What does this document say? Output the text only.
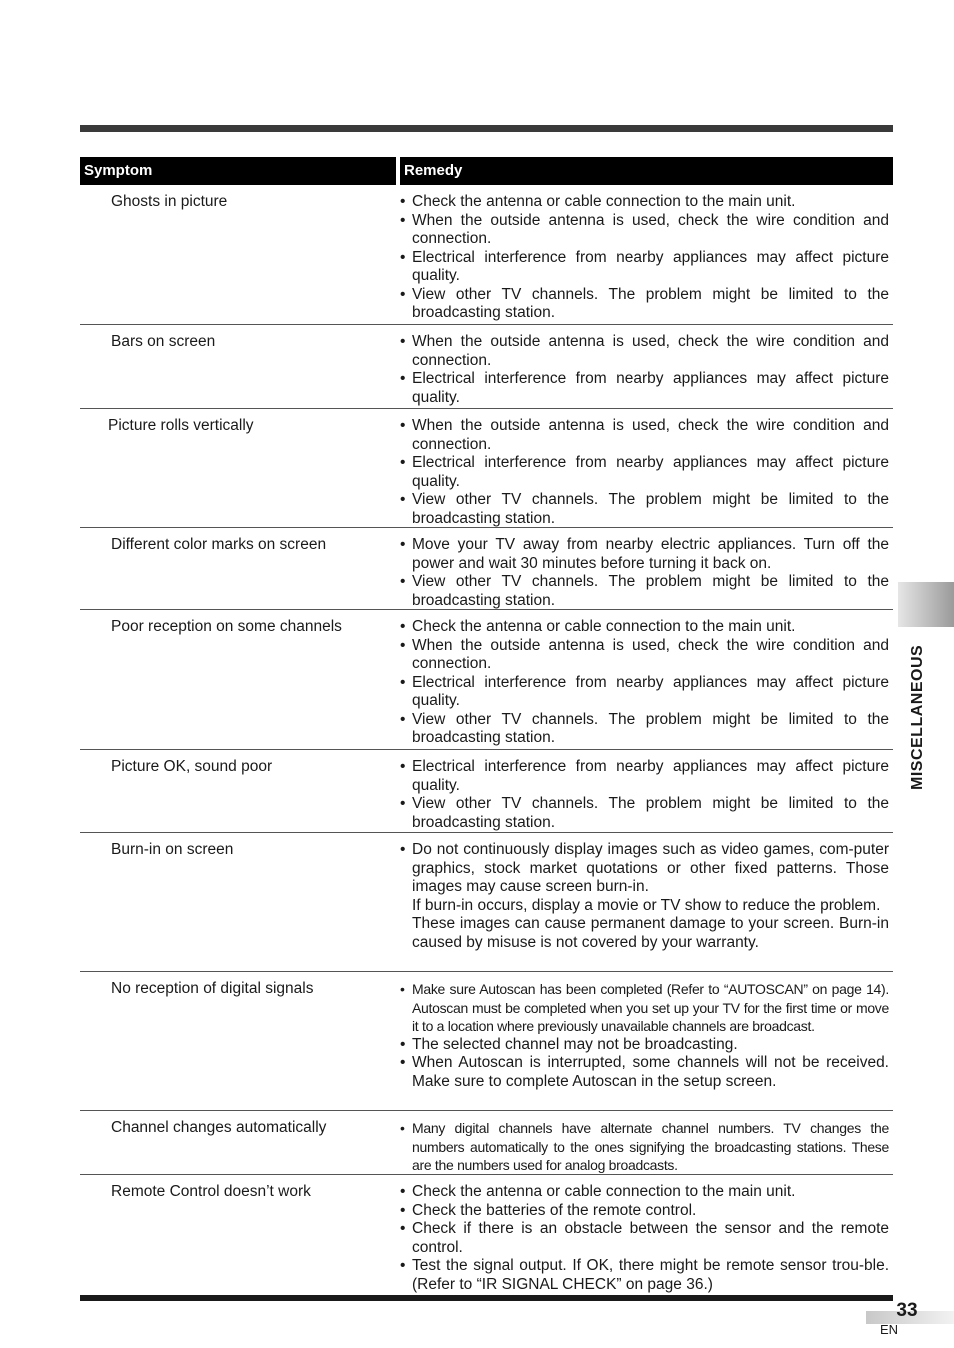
Symptom	Remedy
Ghosts in picture	• Check the antenna or cable connection to the main unit.
• When the outside antenna is used, check the wire condition and connection.
• Electrical interference from nearby appliances may affect picture quality.
• View other TV channels. The problem might be limited to the broadcasting station.
Bars on screen	• When the outside antenna is used, check the wire condition and connection.
• Electrical interference from nearby appliances may affect picture quality.
Picture rolls vertically	• When the outside antenna is used, check the wire condition and connection.
• Electrical interference from nearby appliances may affect picture quality.
• View other TV channels. The problem might be limited to the broadcasting station.
Different color marks on screen	• Move your TV away from nearby electric appliances. Turn off the power and wait 30 minutes before turning it back on.
• View other TV channels. The problem might be limited to the broadcasting station.
Poor reception on some channels	• Check the antenna or cable connection to the main unit.
• When the outside antenna is used, check the wire condition and connection.
• Electrical interference from nearby appliances may affect picture quality.
• View other TV channels. The problem might be limited to the broadcasting station.
Picture OK, sound poor	• Electrical interference from nearby appliances may affect picture quality.
• View other TV channels. The problem might be limited to the broadcasting station.
Burn-in on screen	• Do not continuously display images such as video games, com-puter graphics, stock market quotations or other fixed patterns. Those images may cause screen burn-in.
If burn-in occurs, display a movie or TV show to reduce the problem.
These images can cause permanent damage to your screen. Burn-in caused by misuse is not covered by your warranty.
No reception of digital signals	• Make sure Autoscan has been completed (Refer to “AUTOSCAN” on page 14). Autoscan must be completed when you set up your TV for the first time or move it to a location where previously unavailable channels are broadcast.
• The selected channel may not be broadcasting.
• When Autoscan is interrupted, some channels will not be received. Make sure to complete Autoscan in the setup screen.
Channel changes automatically	• Many digital channels have alternate channel numbers. TV changes the numbers automatically to the ones signifying the broadcasting stations. These are the numbers used for analog broadcasts.
Remote Control doesn’t work	• Check the antenna or cable connection to the main unit.
• Check the batteries of the remote control.
• Check if there is an obstacle between the sensor and the remote control.
• Test the signal output. If OK, there might be remote sensor trou-ble. (Refer to “IR SIGNAL CHECK” on page 36.)
MISCELLANEOUS
33
EN
